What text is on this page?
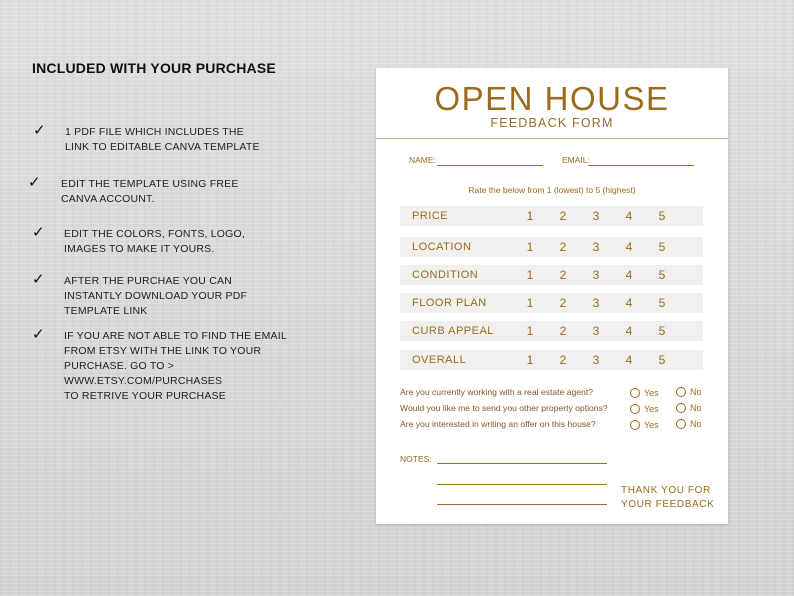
INCLUDED WITH YOUR PURCHASE
✓ 1 PDF FILE WHICH INCLUDES THE
LINK TO EDITABLE CANVA TEMPLATE
✓ EDIT THE TEMPLATE USING FREE
CANVA ACCOUNT.
✓ EDIT THE COLORS, FONTS, LOGO,
IMAGES TO MAKE IT YOURS.
✓ AFTER THE PURCHAE YOU CAN
INSTANTLY DOWNLOAD YOUR PDF
TEMPLATE LINK
✓ IF YOU ARE NOT ABLE TO FIND THE EMAIL
FROM ETSY WITH THE LINK TO YOUR
PURCHASE. GO TO >
WWW.ETSY.COM/PURCHASES
TO RETRIVE YOUR PURCHASE
OPEN HOUSE
FEEDBACK FORM
NAME:	EMAIL:
Rate the below from 1 (lowest) to 5 (highest)
PRICE	1 2 3 4 5
LOCATION	1 2 3 4 5
CONDITION	1 2 3 4 5
FLOOR PLAN	1 2 3 4 5
CURB APPEAL	1 2 3 4 5
OVERALL	1 2 3 4 5
Are you currently working with a real estate agent?	Yes	No
Would you like me to send you other property options?	Yes	No
Are you interested in writing an offer on this house?	Yes	No
NOTES:
THANK YOU FOR
YOUR FEEDBACK
